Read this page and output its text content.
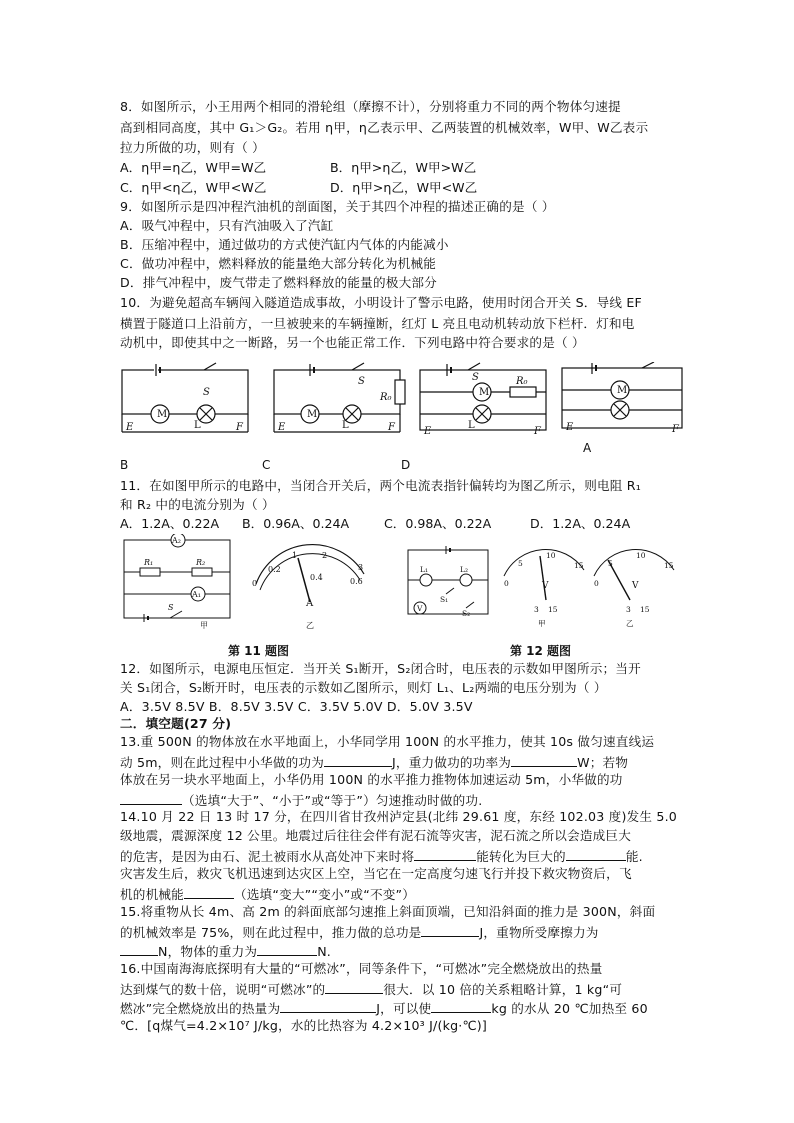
8．如图所示，小王用两个相同的滑轮组（摩擦不计），分别将重力不同的两个物体匀速提
高到相同高度，其中 G₁＞G₂。若用 η甲，η乙表示甲、乙两装置的机械效率，W甲、W乙表示
拉力所做的功，则有（ ）
A．η甲=η乙，W甲=W乙	B．η甲>η乙，W甲>W乙
C．η甲<η乙，W甲<W乙	D．η甲>η乙，W甲<W乙
9．如图所示是四冲程汽油机的剖面图，关于其四个冲程的描述正确的是（ ）
A．吸气冲程中，只有汽油吸入了汽缸
B．压缩冲程中，通过做功的方式使汽缸内气体的内能减小
C．做功冲程中，燃料释放的能量绝大部分转化为机械能
D．排气冲程中，废气带走了燃料释放的能量的极大部分
10．为避免超高车辆闯入隧道造成事故，小明设计了警示电路，使用时闭合开关 S．导线 EF
横置于隧道口上沿前方，一旦被驶来的车辆撞断，红灯 L 亮且电动机转动放下栏杆．灯和电
动机中，即使其中之一断路，另一个也能正常工作．下列电路中符合要求的是（ ）
M
S
E	F
L
M
S
R₀
E	F
L
M
S	R₀
E	F
L
M
E	F
A
B	C	D
11．在如图甲所示的电路中，当闭合开关后，两个电流表指针偏转均为图乙所示，则电阻 R₁
和 R₂ 中的电流分别为（ ）
A．1.2A、0.22A B．0.96A、0.24A	C．0.98A、0.22A	D．1.2A、0.24A
A₂
A₁
R₁	R₂
S
甲	乙
A
0
0.2
0.4	0.6
1	2
3	L₁	L₂
S₁
S₂
V
0
5
10
15
0
5
10
15
3 15	3 15
甲	乙
V	V
第 11 题图	第 12 题图
12．如图所示，电源电压恒定．当开关 S₁断开，S₂闭合时，电压表的示数如甲图所示；当开
关 S₁闭合，S₂断开时，电压表的示数如乙图所示，则灯 L₁、L₂两端的电压分别为（ ）
A．3.5V 8.5V B．8.5V 3.5V C．3.5V 5.0V D．5.0V 3.5V
二．填空题(27 分)
13.重 500N 的物体放在水平地面上，小华同学用 100N 的水平推力，使其 10s 做匀速直线运
动 5m，则在此过程中小华做的功为	J，重力做功的功率为	W；若物
体放在另一块水平地面上，小华仍用 100N 的水平推力推物体加速运动 5m，小华做的功
（选填“大于”、“小于”或“等于”）匀速推动时做的功.
14.10 月 22 日 13 时 17 分，在四川省甘孜州泸定县(北纬 29.61 度，东经 102.03 度)发生 5.0
级地震，震源深度 12 公里。地震过后往往会伴有泥石流等灾害，泥石流之所以会造成巨大
的危害，是因为由石、泥土被雨水从高处冲下来时将	能转化为巨大的	能.
灾害发生后，救灾飞机迅速到达灾区上空，当它在一定高度匀速飞行并投下救灾物资后，飞
机的机械能	（选填“变大”“变小”或“不变”）
15.将重物从长 4m、高 2m 的斜面底部匀速推上斜面顶端，已知沿斜面的推力是 300N，斜面
的机械效率是 75%，则在此过程中，推力做的总功是	J，重物所受摩擦力为
N，物体的重力为	N.
16.中国南海海底探明有大量的“可燃冰”，同等条件下，“可燃冰”完全燃烧放出的热量
达到煤气的数十倍，说明“可燃冰”的	很大．以 10 倍的关系粗略计算，1 kg“可
燃冰”完全燃烧放出的热量为	J，可以使	kg 的水从 20 ℃加热至 60
℃．[q煤气=4.2×10⁷ J/kg，水的比热容为 4.2×10³ J/(kg·℃)]
